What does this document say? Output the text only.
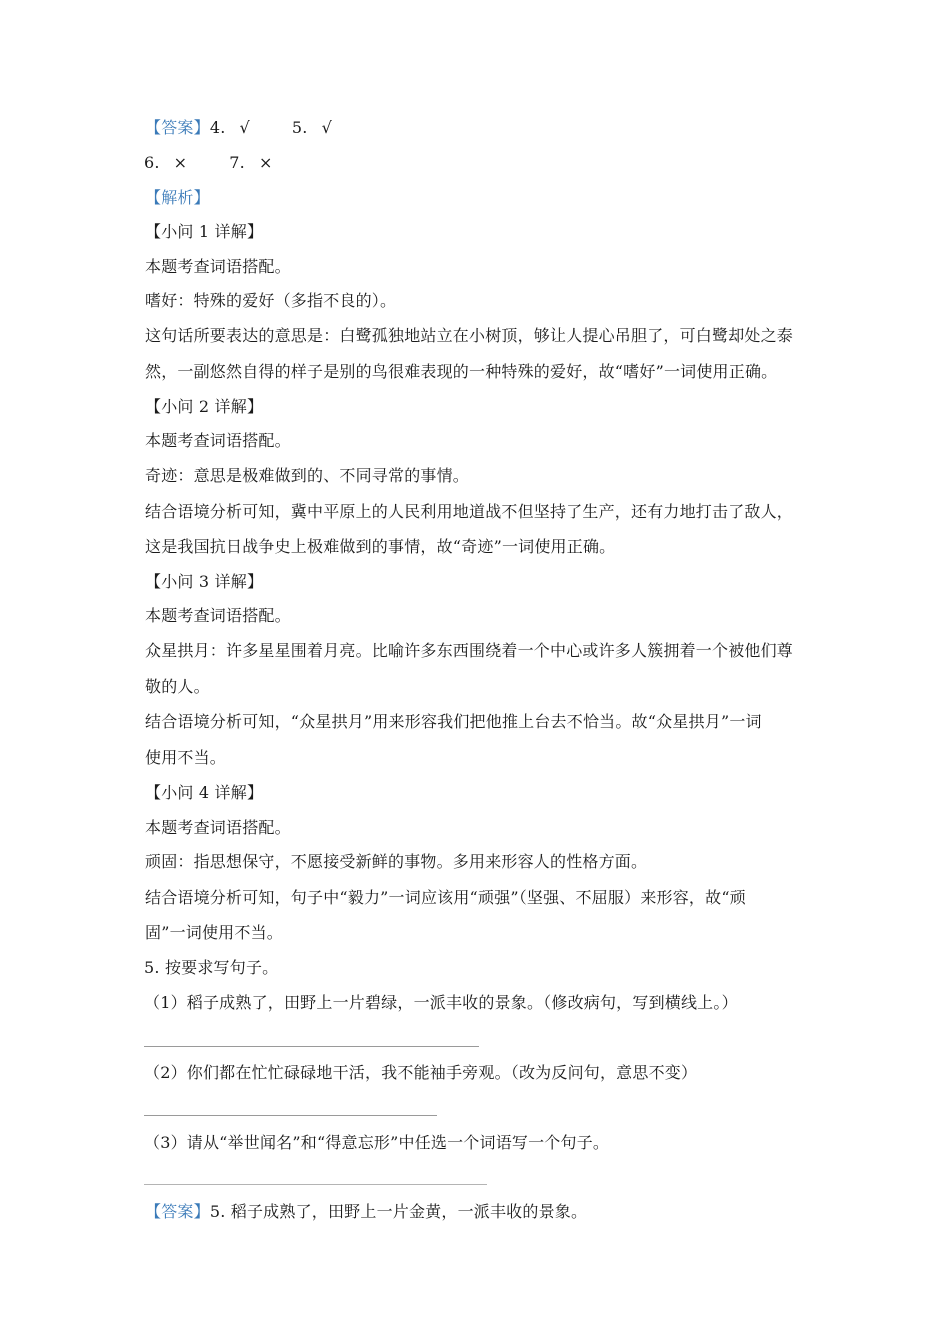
【答案】4. √	5. √
6. ×	7. ×
【解析】
【小问 1 详解】
本题考查词语搭配。
嗜好：特殊的爱好（多指不良的）。
这句话所要表达的意思是：白鹭孤独地站立在小树顶，够让人提心吊胆了，可白鹭却处之泰
然，一副悠然自得的样子是别的鸟很难表现的一种特殊的爱好，故“嗜好”一词使用正确。
【小问 2 详解】
本题考查词语搭配。
奇迹：意思是极难做到的、不同寻常的事情。
结合语境分析可知，冀中平原上的人民利用地道战不但坚持了生产，还有力地打击了敌人，
这是我国抗日战争史上极难做到的事情，故“奇迹”一词使用正确。
【小问 3 详解】
本题考查词语搭配。
众星拱月：许多星星围着月亮。比喻许多东西围绕着一个中心或许多人簇拥着一个被他们尊
敬的人。
结合语境分析可知，“众星拱月”用来形容我们把他推上台去不恰当。故“众星拱月”一词
使用不当。
【小问 4 详解】
本题考查词语搭配。
顽固：指思想保守，不愿接受新鲜的事物。多用来形容人的性格方面。
结合语境分析可知，句子中“毅力”一词应该用“顽强”（坚强、不屈服）来形容，故“顽
固”一词使用不当。
5. 按要求写句子。
（1）稻子成熟了，田野上一片碧绿，一派丰收的景象。（修改病句，写到横线上。）
（2）你们都在忙忙碌碌地干活，我不能袖手旁观。（改为反问句，意思不变）
（3）请从“举世闻名”和“得意忘形”中任选一个词语写一个句子。
【答案】5. 稻子成熟了，田野上一片金黄，一派丰收的景象。
